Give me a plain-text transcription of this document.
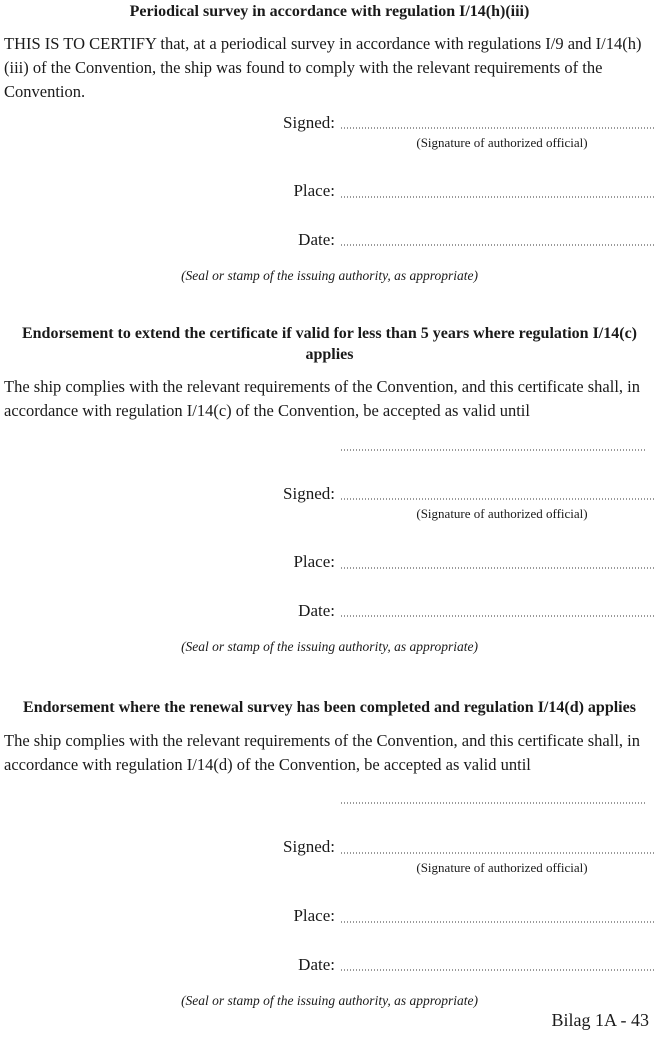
Periodical survey in accordance with regulation I/14(h)(iii)

THIS IS TO CERTIFY that, at a periodical survey in accordance with regulations I/9 and I/14(h)(iii) of the Convention, the ship was found to comply with the relevant requirements of the Convention.

Signed:
(Signature of authorized official)
Place:
Date:
(Seal or stamp of the issuing authority, as appropriate)
Endorsement to extend the certificate if valid for less than 5 years where regulation I/14(c) applies

The ship complies with the relevant requirements of the Convention, and this certificate shall, in accordance with regulation I/14(c) of the Convention, be accepted as valid until

Signed:
(Signature of authorized official)
Place:
Date:
(Seal or stamp of the issuing authority, as appropriate)
Endorsement where the renewal survey has been completed and regulation I/14(d) applies

The ship complies with the relevant requirements of the Convention, and this certificate shall, in accordance with regulation I/14(d) of the Convention, be accepted as valid until

Signed:
(Signature of authorized official)
Place:
Date:
(Seal or stamp of the issuing authority, as appropriate)
Bilag 1A - 43
